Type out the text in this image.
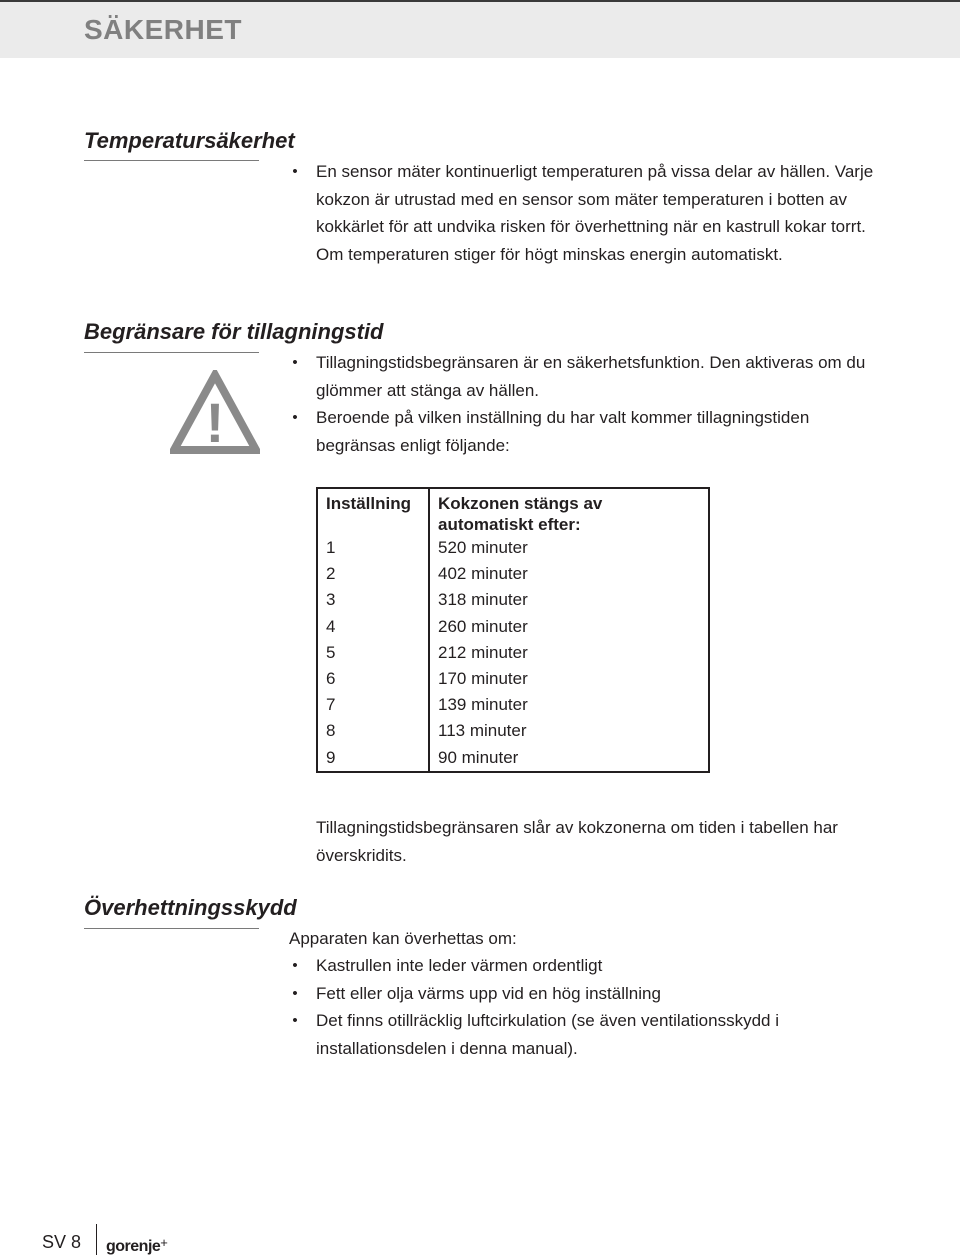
SÄKERHET
Temperatursäkerhet
• En sensor mäter kontinuerligt temperaturen på vissa delar av hällen. Varje kokzon är utrustad med en sensor som mäter temperaturen i botten av kokkärlet för att undvika risken för överhettning när en kastrull kokar torrt. Om temperaturen stiger för högt minskas energin automatiskt.
Begränsare för tillagningstid
!
• Tillagningstidsbegränsaren är en säkerhetsfunktion. Den aktiveras om du glömmer att stänga av hällen.
• Beroende på vilken inställning du har valt kommer tillagningstiden begränsas enligt följande:
Inställning	Kokzonen stängs av automatiskt efter:
1	520 minuter
2	402 minuter
3	318 minuter
4	260 minuter
5	212 minuter
6	170 minuter
7	139 minuter
8	113 minuter
9	90 minuter

Tillagningstidsbegränsaren slår av kokzonerna om tiden i tabellen har överskridits.

Överhettningsskydd

Apparaten kan överhettas om:

• Kastrullen inte leder värmen ordentligt
• Fett eller olja värms upp vid en hög inställning
• Det finns otillräcklig luftcirkulation (se även ventilationsskydd i installationsdelen i denna manual).
SV 8 gorenje+
